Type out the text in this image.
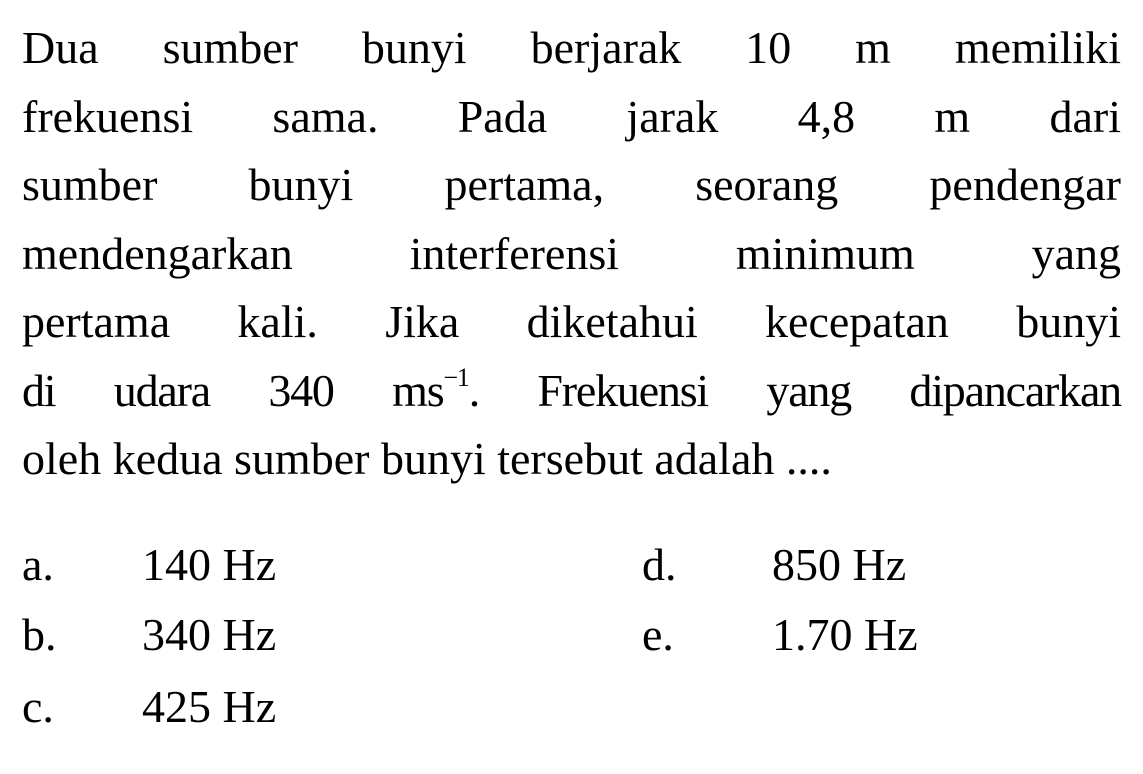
Dua sumber bunyi berjarak 10 m memiliki
frekuensi sama. Pada jarak 4,8 m dari
sumber bunyi pertama, seorang pendengar
mendengarkan interferensi minimum yang
pertama kali. Jika diketahui kecepatan bunyi
di udara 340 $ms^{-1}$. Frekuensi yang dipancarkan
oleh kedua sumber bunyi tersebut adalah ....
a.	140 Hz
b.	340 Hz
c.	425 Hz
d.	850 Hz
e.	1.70 Hz
